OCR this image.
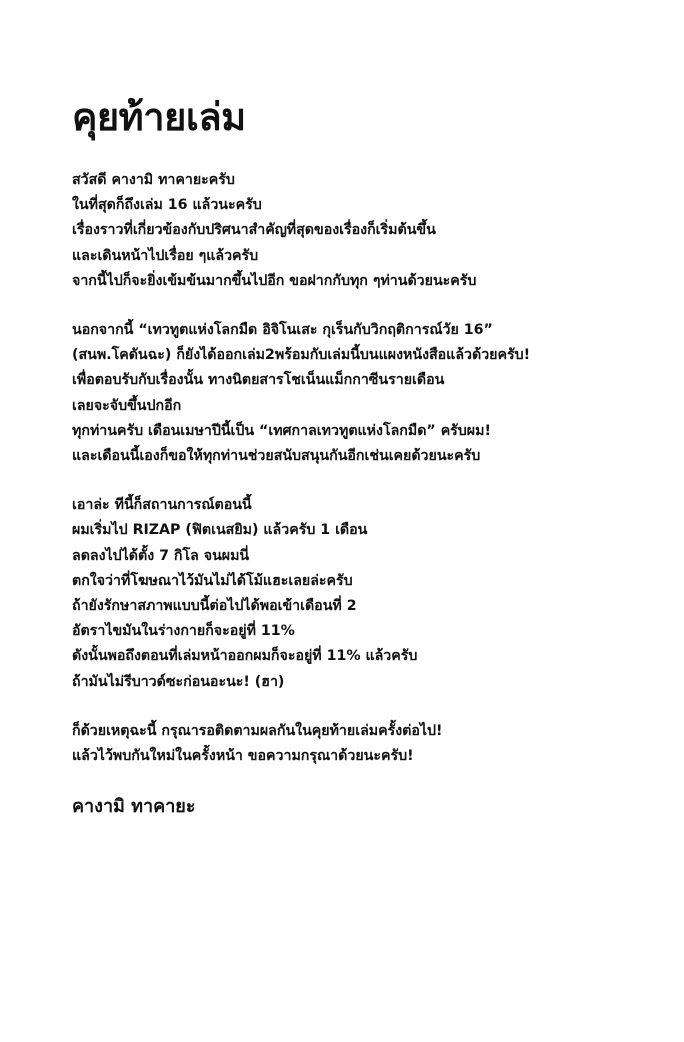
คุยท้ายเล่ม
สวัสดี คางามิ ทาคายะครับ
ในที่สุดก็ถึงเล่ม 16 แล้วนะครับ
เรื่องราวที่เกี่ยวข้องกับปริศนาสำคัญที่สุดของเรื่องก็เริ่มต้นขึ้น
และเดินหน้าไปเรื่อย ๆแล้วครับ
จากนี้ไปก็จะยิ่งเข้มข้นมากขึ้นไปอีก ขอฝากกับทุก ๆท่านด้วยนะครับ
นอกจากนี้ “เทวทูตแห่งโลกมืด อิจิโนเสะ กุเร็นกับวิกฤติการณ์วัย 16”
(สนพ.โคดันฉะ) ก็ยังได้ออกเล่ม2พร้อมกับเล่มนี้บนแผงหนังสือแล้วด้วยครับ!
เพื่อตอบรับกับเรื่องนั้น ทางนิตยสารโชเน็นแม็กกาซีนรายเดือน
เลยจะจับขึ้นปกอีก
ทุกท่านครับ เดือนเมษาปีนี้เป็น “เทศกาลเทวทูตแห่งโลกมืด” ครับผม!
และเดือนนี้เองก็ขอให้ทุกท่านช่วยสนับสนุนกันอีกเช่นเคยด้วยนะครับ
เอาล่ะ ทีนี้ก็สถานการณ์ตอนนี้
ผมเริ่มไป RIZAP (ฟิตเนสยิม) แล้วครับ 1 เดือน
ลดลงไปได้ตั้ง 7 กิโล จนผมนี่
ตกใจว่าที่โฆษณาไว้มันไม่ได้โม้แฮะเลยล่ะครับ
ถ้ายังรักษาสภาพแบบนี้ต่อไปได้พอเข้าเดือนที่ 2
อัตราไขมันในร่างกายก็จะอยู่ที่ 11%
ดังนั้นพอถึงตอนที่เล่มหน้าออกผมก็จะอยู่ที่ 11% แล้วครับ
ถ้ามันไม่รีบาวด์ซะก่อนอะนะ! (ฮา)
ก็ด้วยเหตุฉะนี้ กรุณารอติดตามผลกันในคุยท้ายเล่มครั้งต่อไป!
แล้วไว้พบกันใหม่ในครั้งหน้า ขอความกรุณาด้วยนะครับ!
คางามิ ทาคายะ
